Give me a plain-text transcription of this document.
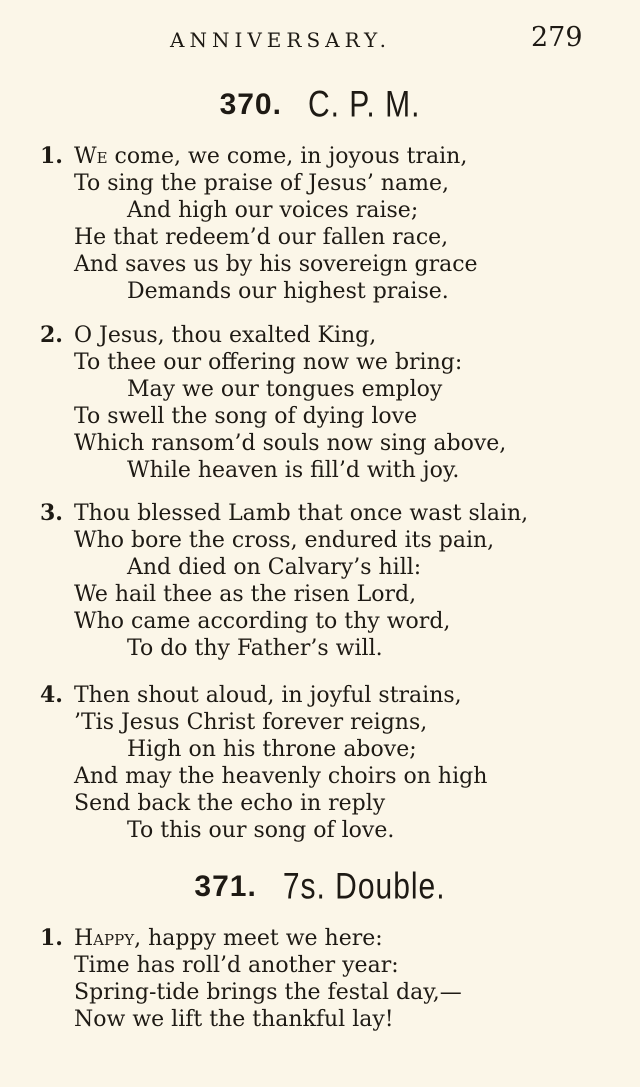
ANNIVERSARY.	279
370. C. P. M.
1. We come, we come, in joyous train,
To sing the praise of Jesus’ name,
And high our voices raise;
He that redeem’d our fallen race,
And saves us by his sovereign grace
Demands our highest praise.
2. O Jesus, thou exalted King,
To thee our offering now we bring:
May we our tongues employ
To swell the song of dying love
Which ransom’d souls now sing above,
While heaven is fill’d with joy.
3. Thou blessed Lamb that once wast slain,
Who bore the cross, endured its pain,
And died on Calvary’s hill:
We hail thee as the risen Lord,
Who came according to thy word,
To do thy Father’s will.
4. Then shout aloud, in joyful strains,
’Tis Jesus Christ forever reigns,
High on his throne above;
And may the heavenly choirs on high
Send back the echo in reply
To this our song of love.
371. 7s. Double.
1. Happy, happy meet we here:
Time has roll’d another year:
Spring-tide brings the festal day,—
Now we lift the thankful lay!
